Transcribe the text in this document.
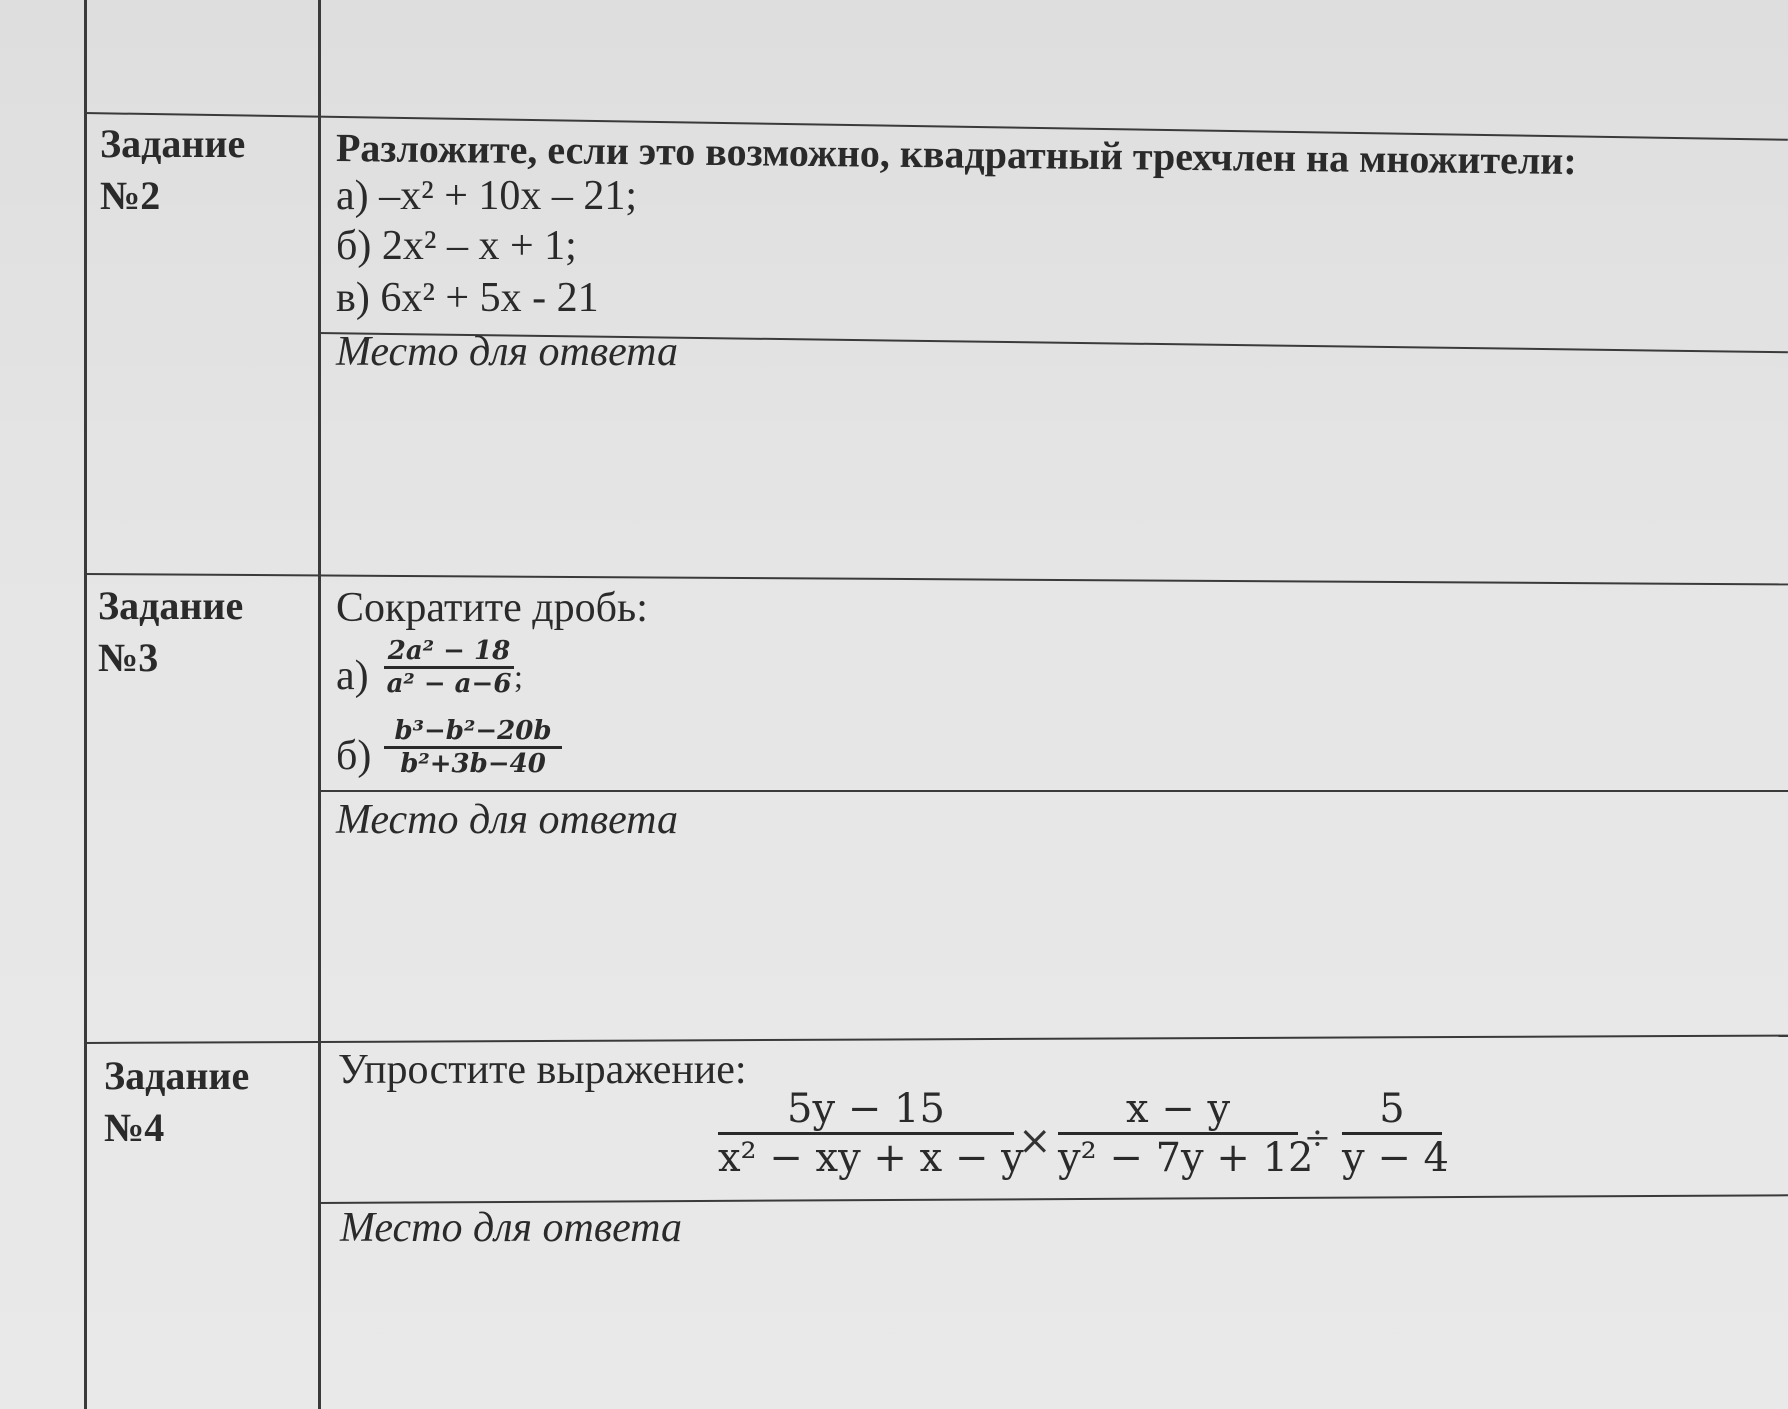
Задание
№2
Разложите, если это возможно, квадратный трехчлен на множители:
а) –x² + 10x – 21;
б) 2x² – x + 1;
в) 6x² + 5x - 21
Место для ответа
Задание
№3
Сократите дробь:
а)
2a² − 18
a² − a−6 ;
б)
b³−b²−20b
b²+3b−40
Место для ответа
Задание
№4
Упростите выражение:
5y − 15
x² − xy + x − y
×
x − y
y² − 7y + 12
÷
5
y − 4
Место для ответа
